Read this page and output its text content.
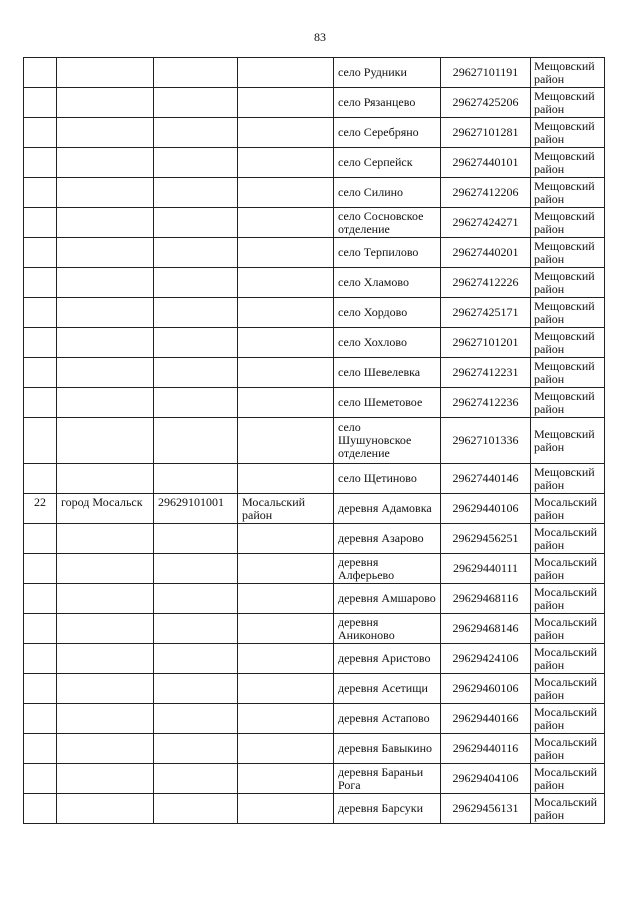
83
				село Рудники	29627101191	Мещовский район
				село Рязанцево	29627425206	Мещовский район
				село Серебряно	29627101281	Мещовский район
				село Серпейск	29627440101	Мещовский район
				село Силино	29627412206	Мещовский район
				село Сосновское отделение	29627424271	Мещовский район
				село Терпилово	29627440201	Мещовский район
				село Хламово	29627412226	Мещовский район
				село Хордово	29627425171	Мещовский район
				село Хохлово	29627101201	Мещовский район
				село Шевелевка	29627412231	Мещовский район
				село Шеметовое	29627412236	Мещовский район
				село Шушуновское отделение	29627101336	Мещовский район
				село Щетиново	29627440146	Мещовский район
22	город Мосальск	29629101001	Мосальский район	деревня Адамовка	29629440106	Мосальский район
				деревня Азарово	29629456251	Мосальский район
				деревня Алферьево	29629440111	Мосальский район
				деревня Амшарово	29629468116	Мосальский район
				деревня Аниконово	29629468146	Мосальский район
				деревня Аристово	29629424106	Мосальский район
				деревня Асетищи	29629460106	Мосальский район
				деревня Астапово	29629440166	Мосальский район
				деревня Бавыкино	29629440116	Мосальский район
				деревня Бараньи Рога	29629404106	Мосальский район
				деревня Барсуки	29629456131	Мосальский район
